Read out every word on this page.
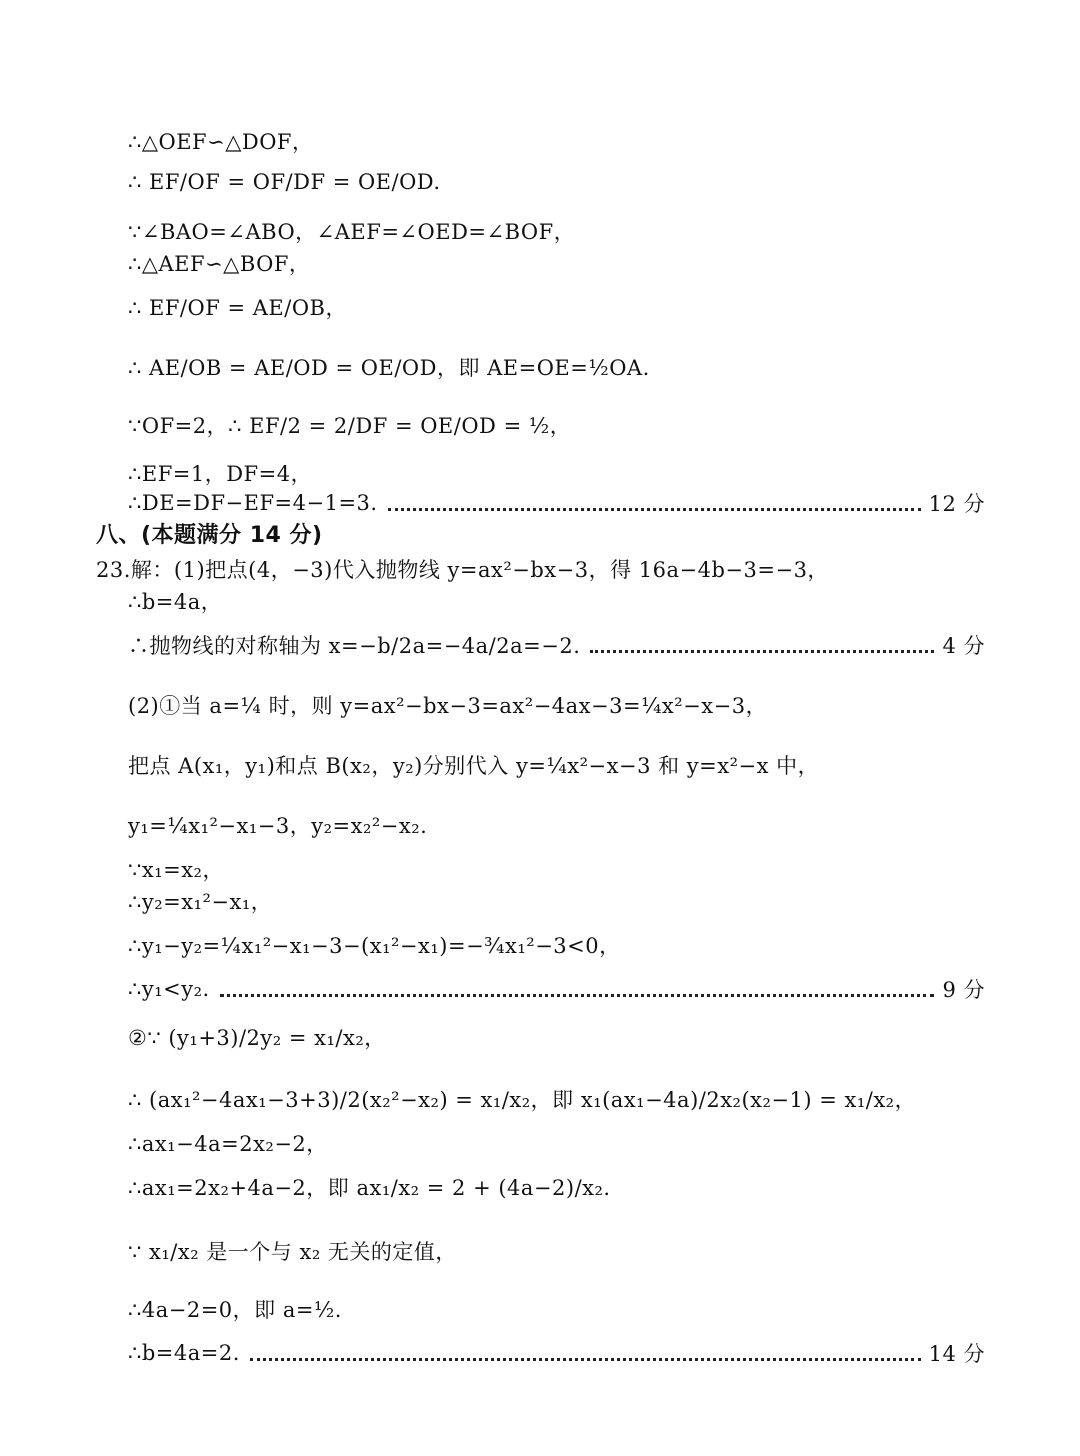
∴△OEF∽△DOF，
∴ EF/OF = OF/DF = OE/OD.
∵∠BAO=∠ABO，∠AEF=∠OED=∠BOF，
∴△AEF∽△BOF，
∴ EF/OF = AE/OB，
∴ AE/OB = AE/OD = OE/OD，即 AE=OE=½OA.
∵OF=2，∴ EF/2 = 2/DF = OE/OD = ½，
∴EF=1，DF=4，
∴DE=DF−EF=4−1=3.	12 分
八、(本题满分 14 分)
23.解：(1)把点(4，−3)代入抛物线 y=ax²−bx−3，得 16a−4b−3=−3，
∴b=4a，
∴抛物线的对称轴为 x=−b/2a=−4a/2a=−2.	4 分
(2)①当 a=¼ 时，则 y=ax²−bx−3=ax²−4ax−3=¼x²−x−3，
把点 A(x₁，y₁)和点 B(x₂，y₂)分别代入 y=¼x²−x−3 和 y=x²−x 中，
y₁=¼x₁²−x₁−3，y₂=x₂²−x₂.
∵x₁=x₂，
∴y₂=x₁²−x₁，
∴y₁−y₂=¼x₁²−x₁−3−(x₁²−x₁)=−¾x₁²−3<0，
∴y₁<y₂.	9 分
②∵ (y₁+3)/2y₂ = x₁/x₂，
∴ (ax₁²−4ax₁−3+3)/2(x₂²−x₂) = x₁/x₂，即 x₁(ax₁−4a)/2x₂(x₂−1) = x₁/x₂，
∴ax₁−4a=2x₂−2，
∴ax₁=2x₂+4a−2，即 ax₁/x₂ = 2 + (4a−2)/x₂.
∵ x₁/x₂ 是一个与 x₂ 无关的定值，
∴4a−2=0，即 a=½.
∴b=4a=2.	14 分
